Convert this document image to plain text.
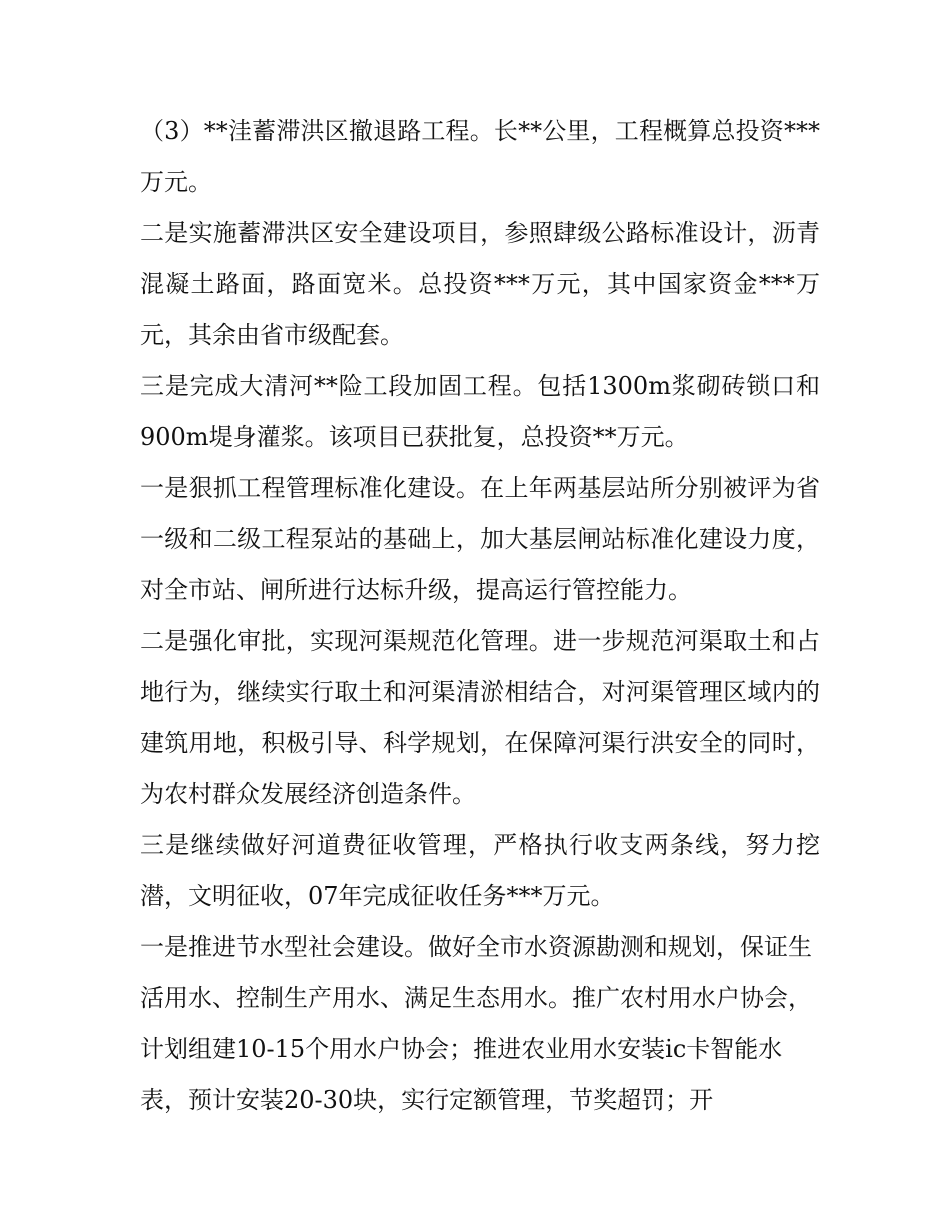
（3）**洼蓄滞洪区撤退路工程。长**公里，工程概算总投资***万元。

二是实施蓄滞洪区安全建设项目，参照肆级公路标准设计，沥青混凝土路面，路面宽米。总投资***万元，其中国家资金***万元，其余由省市级配套。

三是完成大清河**险工段加固工程。包括1300m浆砌砖锁口和900m堤身灌浆。该项目已获批复，总投资**万元。

一是狠抓工程管理标准化建设。在上年两基层站所分别被评为省一级和二级工程泵站的基础上，加大基层闸站标准化建设力度，对全市站、闸所进行达标升级，提高运行管控能力。

二是强化审批，实现河渠规范化管理。进一步规范河渠取土和占地行为，继续实行取土和河渠清淤相结合，对河渠管理区域内的建筑用地，积极引导、科学规划，在保障河渠行洪安全的同时，为农村群众发展经济创造条件。

三是继续做好河道费征收管理，严格执行收支两条线，努力挖潜，文明征收，07年完成征收任务***万元。

一是推进节水型社会建设。做好全市水资源勘测和规划，保证生活用水、控制生产用水、满足生态用水。推广农村用水户协会，计划组建10-15个用水户协会；推进农业用水安装ic卡智能水表，预计安装20-30块，实行定额管理，节奖超罚；开
